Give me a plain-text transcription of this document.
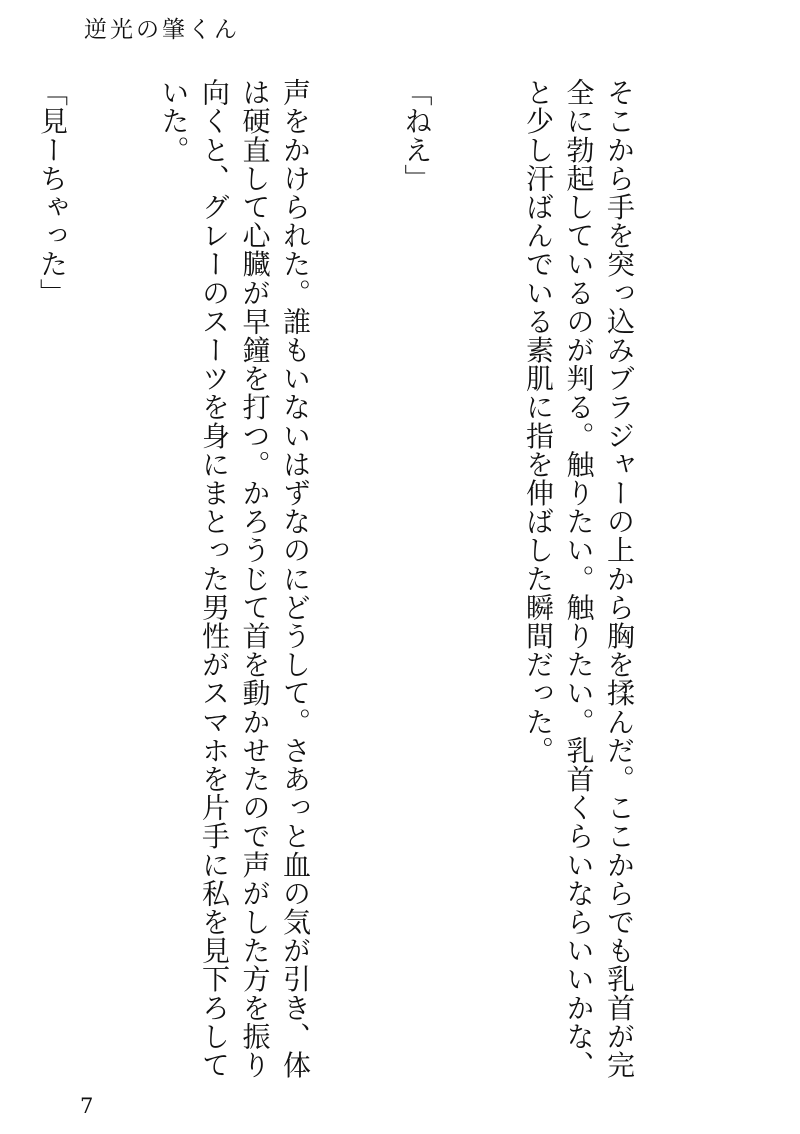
逆光の肇くん

そこから手を突っ込みブラジャーの上から胸を揉んだ。ここからでも乳首が完全に勃起しているのが判る。触りたい。触りたい。乳首くらいならいいかな、と少し汗ばんでいる素肌に指を伸ばした瞬間だった。

「ねえ」

声をかけられた。誰もいないはずなのにどうして。さあっと血の気が引き、体は硬直して心臓が早鐘を打つ。かろうじて首を動かせたので声がした方を振り向くと、グレーのスーツを身にまとった男性がスマホを片手に私を見下ろしていた。

「見ーちゃった」

7
